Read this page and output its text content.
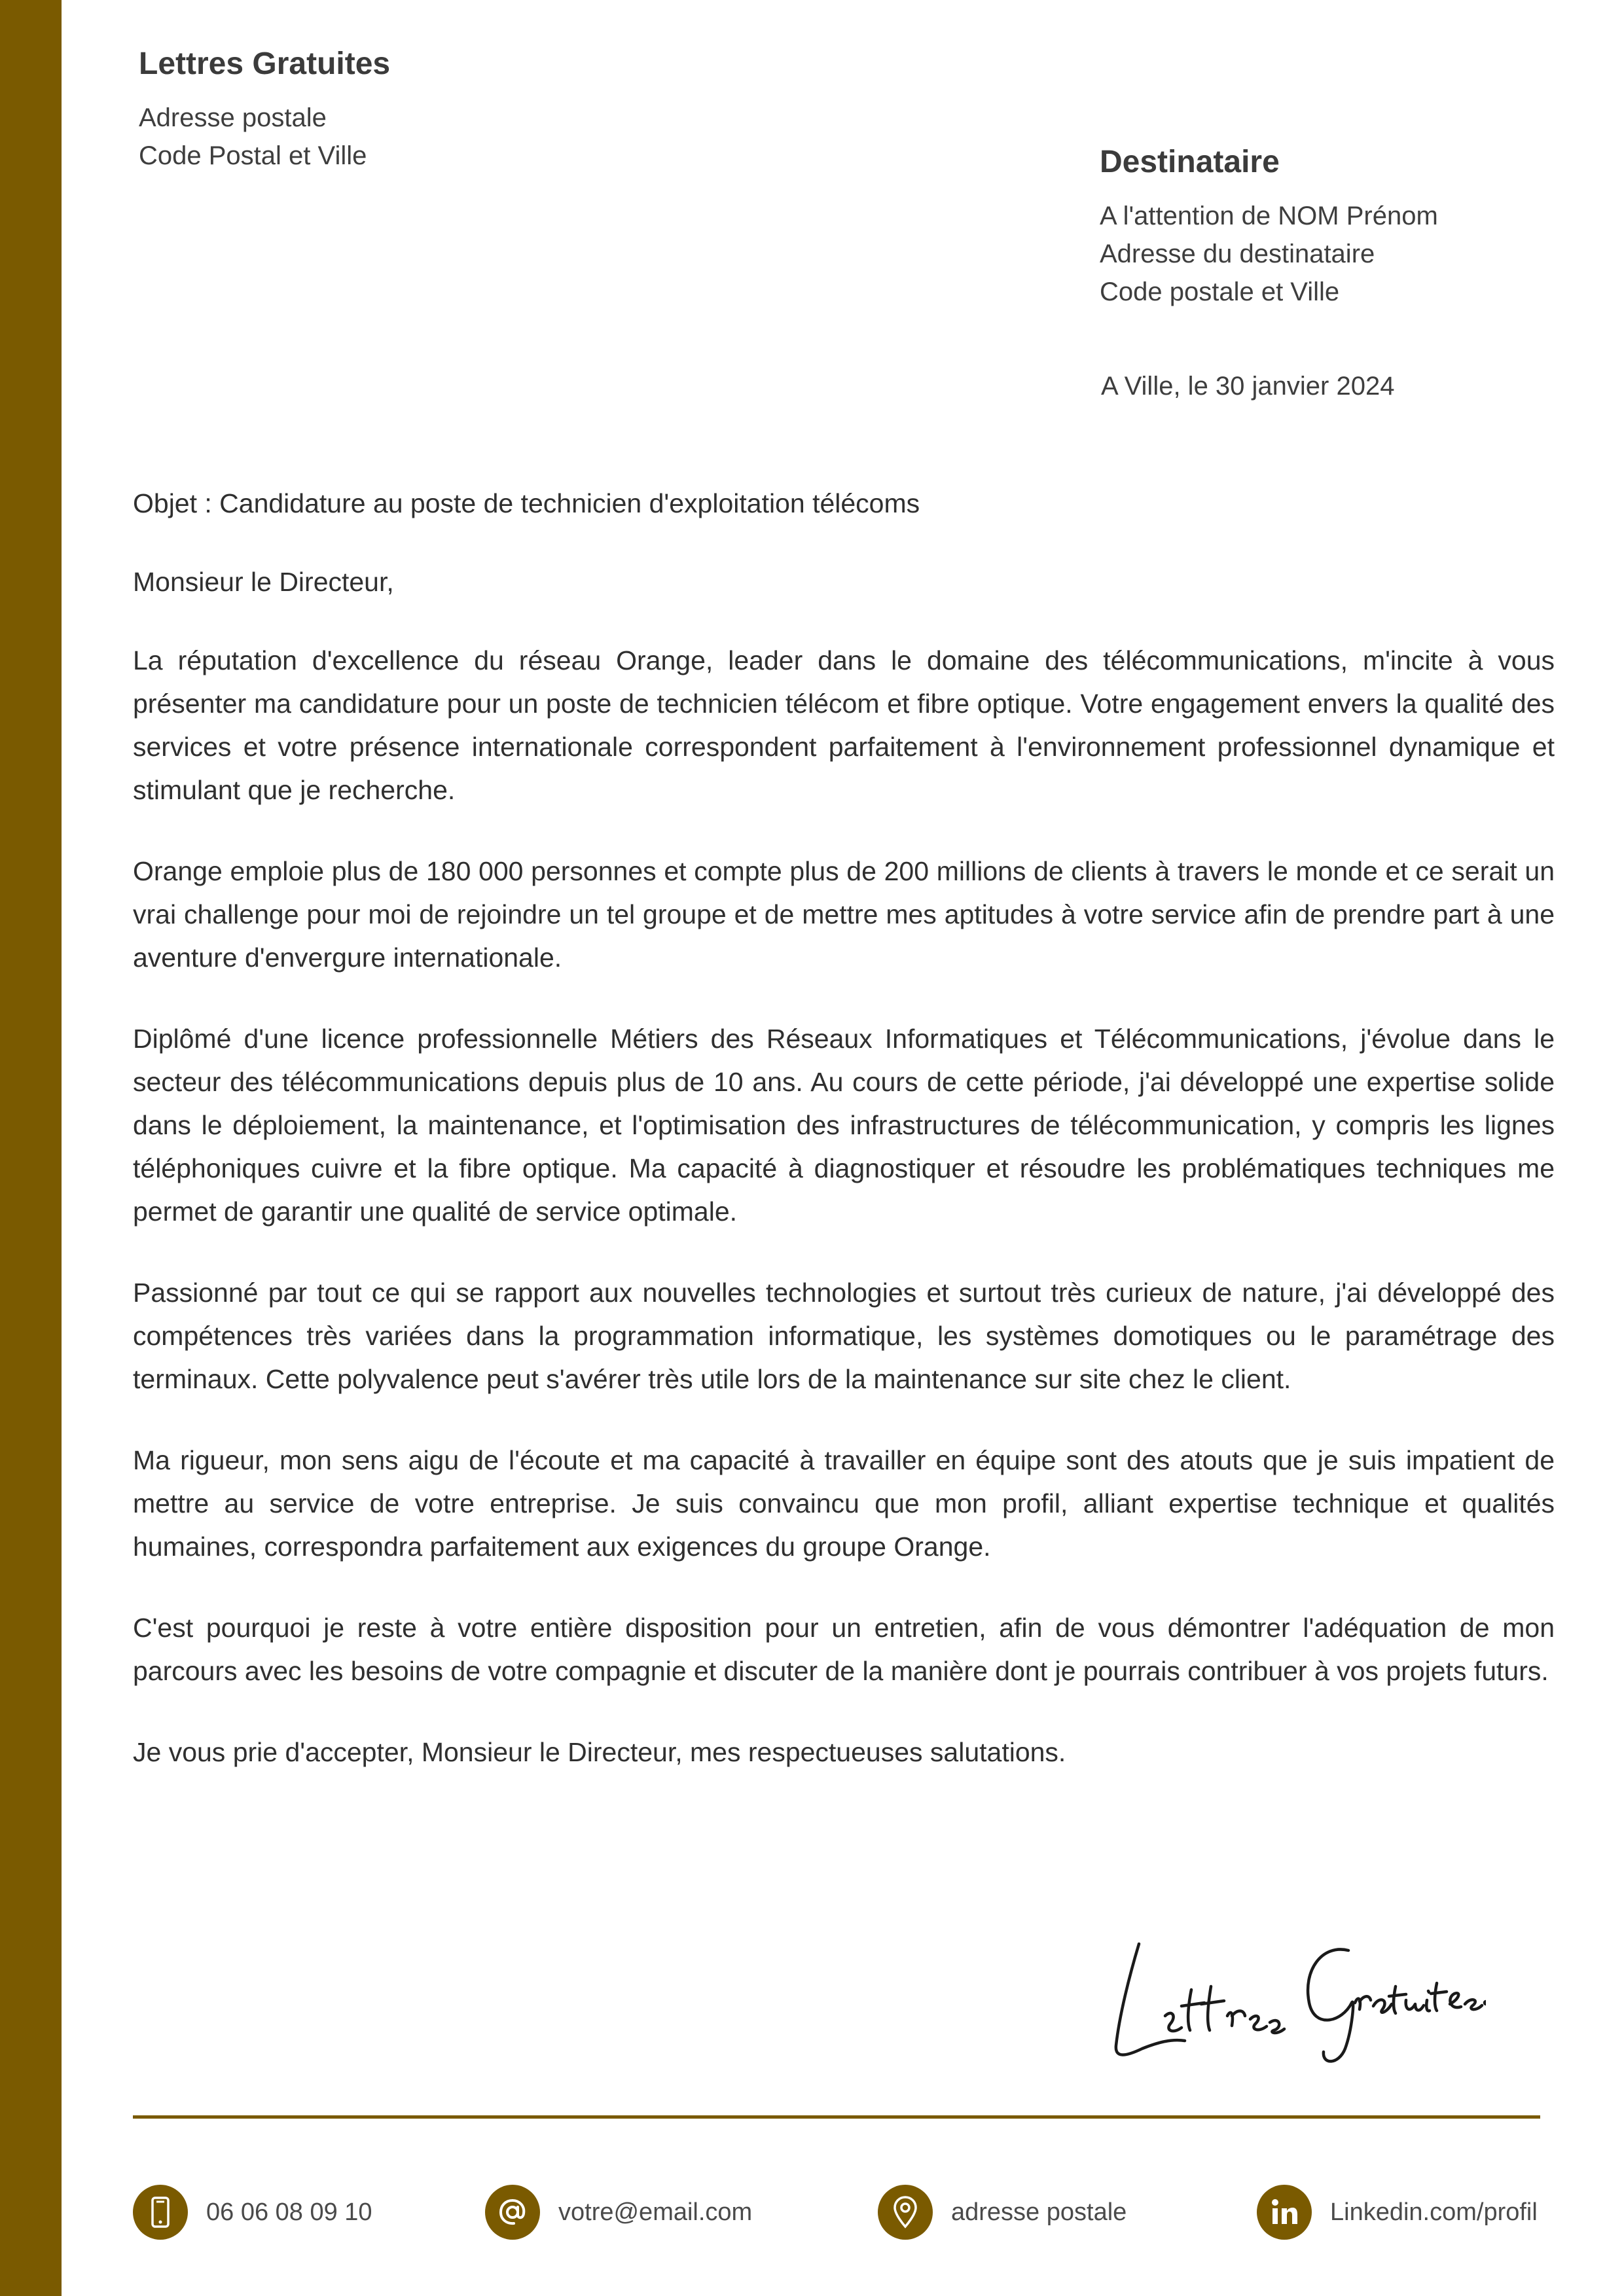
Lettres Gratuites
Adresse postale
Code Postal et Ville	Destinataire
A l'attention de NOM Prénom
Adresse du destinataire
Code postale et Ville
A Ville, le 30 janvier 2024

Objet : Candidature au poste de technicien d'exploitation télécoms

Monsieur le Directeur,

La réputation d'excellence du réseau Orange, leader dans le domaine des télécommunications, m'incite à vous présenter ma candidature pour un poste de technicien télécom et fibre optique. Votre engagement envers la qualité des services et votre présence internationale correspondent parfaitement à l'environnement professionnel dynamique et stimulant que je recherche.

Orange emploie plus de 180 000 personnes et compte plus de 200 millions de clients à travers le monde et ce serait un vrai challenge pour moi de rejoindre un tel groupe et de mettre mes aptitudes à votre service afin de prendre part à une aventure d'envergure internationale.

Diplômé d'une licence professionnelle Métiers des Réseaux Informatiques et Télécommunications, j'évolue dans le secteur des télécommunications depuis plus de 10 ans. Au cours de cette période, j'ai développé une expertise solide dans le déploiement, la maintenance, et l'optimisation des infrastructures de télécommunication, y compris les lignes téléphoniques cuivre et la fibre optique. Ma capacité à diagnostiquer et résoudre les problématiques techniques me permet de garantir une qualité de service optimale.

Passionné par tout ce qui se rapport aux nouvelles technologies et surtout très curieux de nature, j'ai développé des compétences très variées dans la programmation informatique, les systèmes domotiques ou le paramétrage des terminaux. Cette polyvalence peut s'avérer très utile lors de la maintenance sur site chez le client.

Ma rigueur, mon sens aigu de l'écoute et ma capacité à travailler en équipe sont des atouts que je suis impatient de mettre au service de votre entreprise. Je suis convaincu que mon profil, alliant expertise technique et qualités humaines, correspondra parfaitement aux exigences du groupe Orange.

C'est pourquoi je reste à votre entière disposition pour un entretien, afin de vous démontrer l'adéquation de mon parcours avec les besoins de votre compagnie et discuter de la manière dont je pourrais contribuer à vos projets futurs.

Je vous prie d'accepter, Monsieur le Directeur, mes respectueuses salutations.

06 06 08 09 10	votre@email.com	adresse postale	Linkedin.com/profil
